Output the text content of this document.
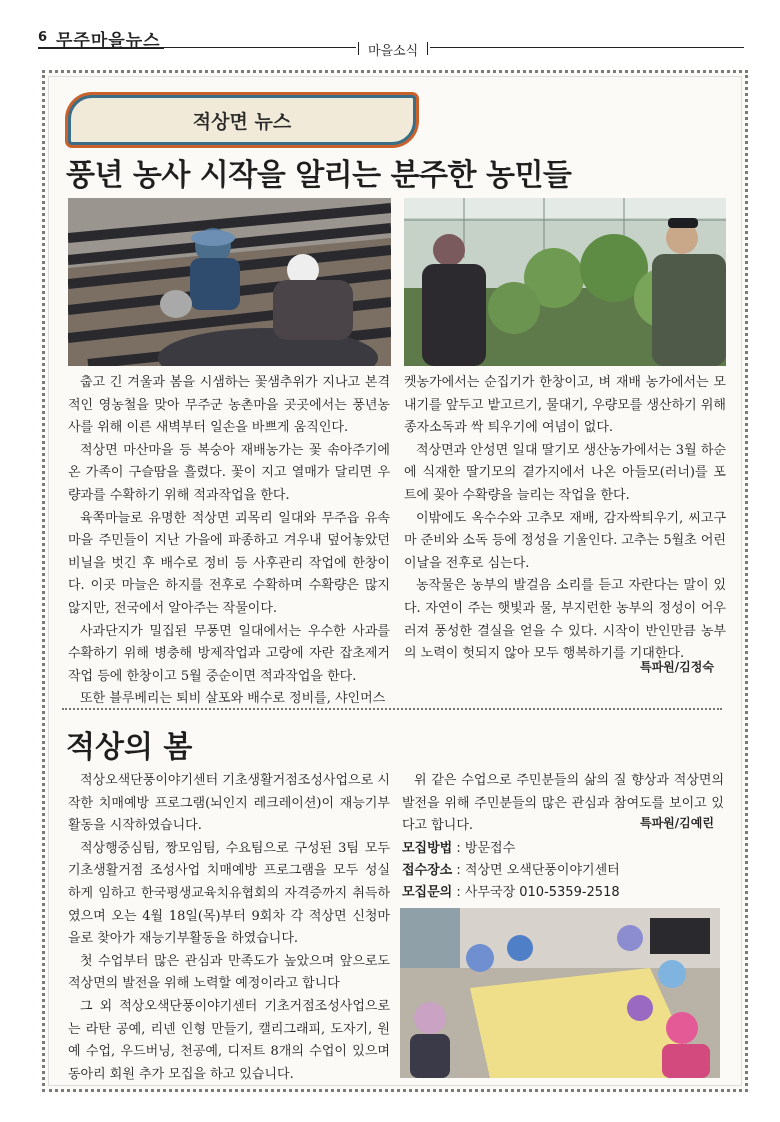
6 무주마을뉴스
마을소식
적상면 뉴스
풍년 농사 시작을 알리는 분주한 농민들

춥고 긴 겨울과 봄을 시샘하는 꽃샘추위가 지나고 본격적인 영농철을 맞아 무주군 농촌마을 곳곳에서는 풍년농사를 위해 이른 새벽부터 일손을 바쁘게 움직인다.

적상면 마산마을 등 복숭아 재배농가는 꽃 솎아주기에 온 가족이 구슬땀을 흘렸다. 꽃이 지고 열매가 달리면 우량과를 수확하기 위해 적과작업을 한다.

육쪽마늘로 유명한 적상면 괴목리 일대와 무주읍 유속마을 주민들이 지난 가을에 파종하고 겨우내 덮어놓았던 비닐을 벗긴 후 배수로 정비 등 사후관리 작업에 한창이다. 이곳 마늘은 하지를 전후로 수확하며 수확량은 많지 않지만, 전국에서 알아주는 작물이다.

사과단지가 밀집된 무풍면 일대에서는 우수한 사과를 수확하기 위해 병충해 방제작업과 고랑에 자란 잡초제거 작업 등에 한창이고 5월 중순이면 적과작업을 한다.

또한 블루베리는 퇴비 살포와 배수로 정비를, 샤인머스

켓농가에서는 순집기가 한창이고, 벼 재배 농가에서는 모내기를 앞두고 밭고르기, 물대기, 우량모를 생산하기 위해 종자소독과 싹 틔우기에 여념이 없다.

적상면과 안성면 일대 딸기모 생산농가에서는 3월 하순에 식재한 딸기모의 곁가지에서 나온 아들모(러너)를 포트에 꽂아 수확량을 늘리는 작업을 한다.

이밖에도 옥수수와 고추모 재배, 감자싹틔우기, 씨고구마 준비와 소독 등에 정성을 기울인다. 고추는 5월초 어린이날을 전후로 심는다.

농작물은 농부의 발걸음 소리를 듣고 자란다는 말이 있다. 자연이 주는 햇빛과 물, 부지런한 농부의 정성이 어우러져 풍성한 결실을 얻을 수 있다. 시작이 반인만큼 농부의 노력이 헛되지 않아 모두 행복하기를 기대한다.

특파원/김정숙
적상의 봄

적상오색단풍이야기센터 기초생활거점조성사업으로 시작한 치매예방 프로그램(뇌인지 레크레이션)이 재능기부활동을 시작하였습니다.

적상행중심팀, 짱모임팀, 수요팀으로 구성된 3팀 모두 기초생활거점 조성사업 치매예방 프로그램을 모두 성실하게 임하고 한국평생교육치유협회의 자격증까지 취득하였으며 오는 4월 18일(목)부터 9회차 각 적상면 신청마을로 찾아가 재능기부활동을 하였습니다.

첫 수업부터 많은 관심과 만족도가 높았으며 앞으로도 적상면의 발전을 위해 노력할 예정이라고 합니다

그 외 적상오색단풍이야기센터 기초거점조성사업으로는 라탄 공예, 리넨 인형 만들기, 캘리그래피, 도자기, 원예 수업, 우드버닝, 천공예, 디저트 8개의 수업이 있으며 동아리 회원 추가 모집을 하고 있습니다.

위 같은 수업으로 주민분들의 삶의 질 향상과 적상면의 발전을 위해 주민분들의 많은 관심과 참여도를 보이고 있다고 합니다.	특파원/김예린
모집방법 : 방문접수
접수장소 : 적상면 오색단풍이야기센터
모집문의 : 사무국장 010-5359-2518
